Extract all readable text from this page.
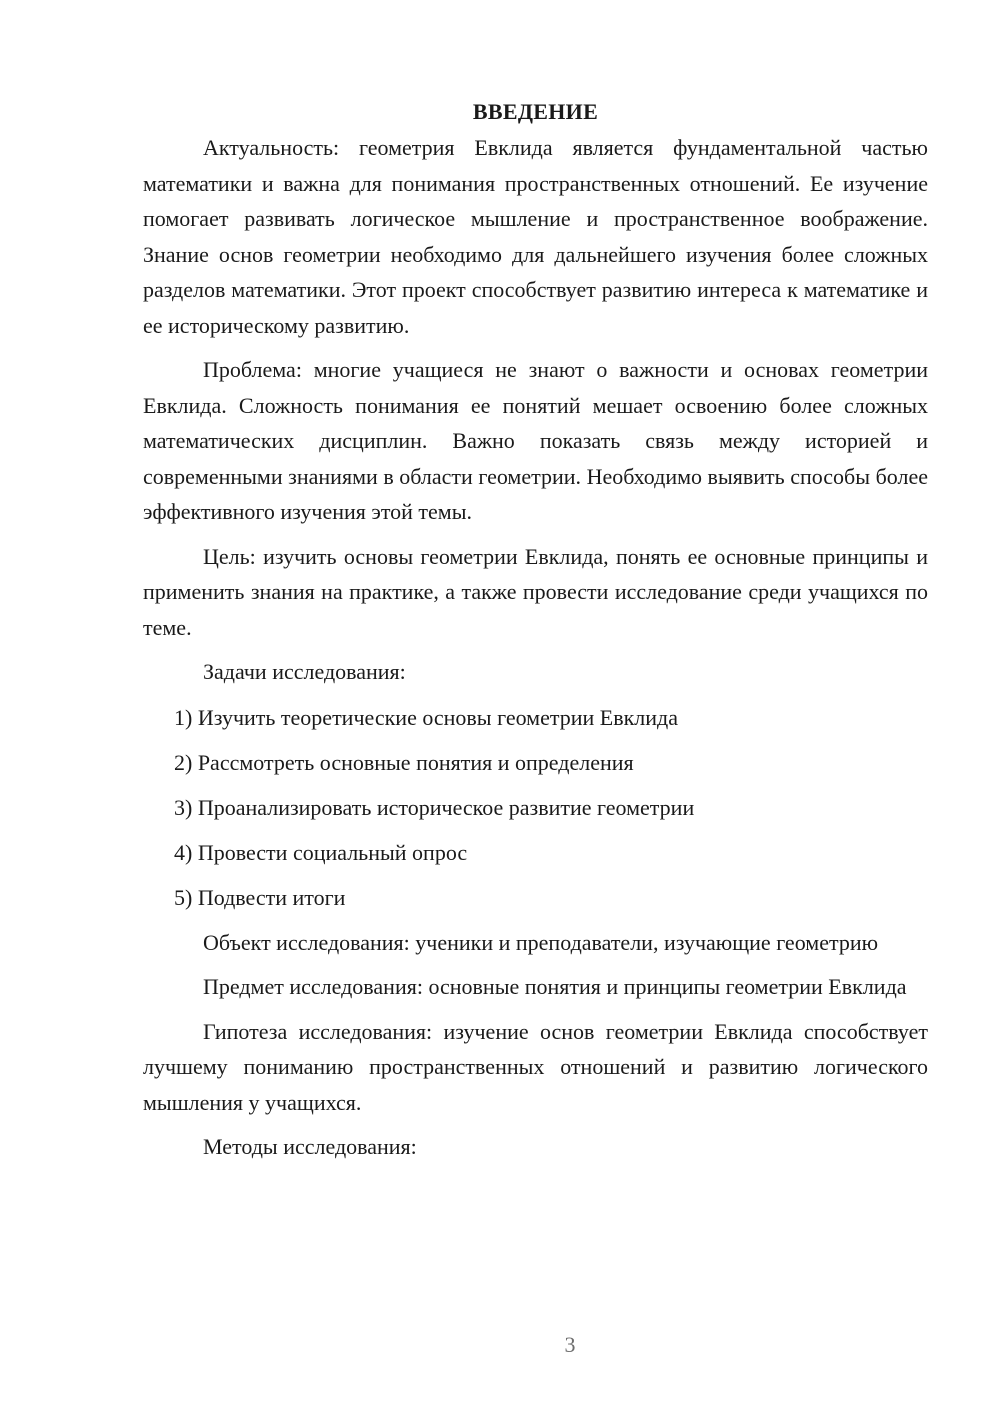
ВВЕДЕНИЕ

Актуальность: геометрия Евклида является фундаментальной частью математики и важна для понимания пространственных отношений. Ее изучение помогает развивать логическое мышление и пространственное воображение. Знание основ геометрии необходимо для дальнейшего изучения более сложных разделов математики. Этот проект способствует развитию интереса к математике и ее историческому развитию.

Проблема: многие учащиеся не знают о важности и основах геометрии Евклида. Сложность понимания ее понятий мешает освоению более сложных математических дисциплин. Важно показать связь между историей и современными знаниями в области геометрии. Необходимо выявить способы более эффективного изучения этой темы.

Цель: изучить основы геометрии Евклида, понять ее основные принципы и применить знания на практике, а также провести исследование среди учащихся по теме.

Задачи исследования:

1) Изучить теоретические основы геометрии Евклида
2) Рассмотреть основные понятия и определения
3) Проанализировать историческое развитие геометрии
4) Провести социальный опрос
5) Подвести итоги

Объект исследования: ученики и преподаватели, изучающие геометрию

Предмет исследования: основные понятия и принципы геометрии Евклида

Гипотеза исследования: изучение основ геометрии Евклида способствует лучшему пониманию пространственных отношений и развитию логического мышления у учащихся.

Методы исследования:

3
